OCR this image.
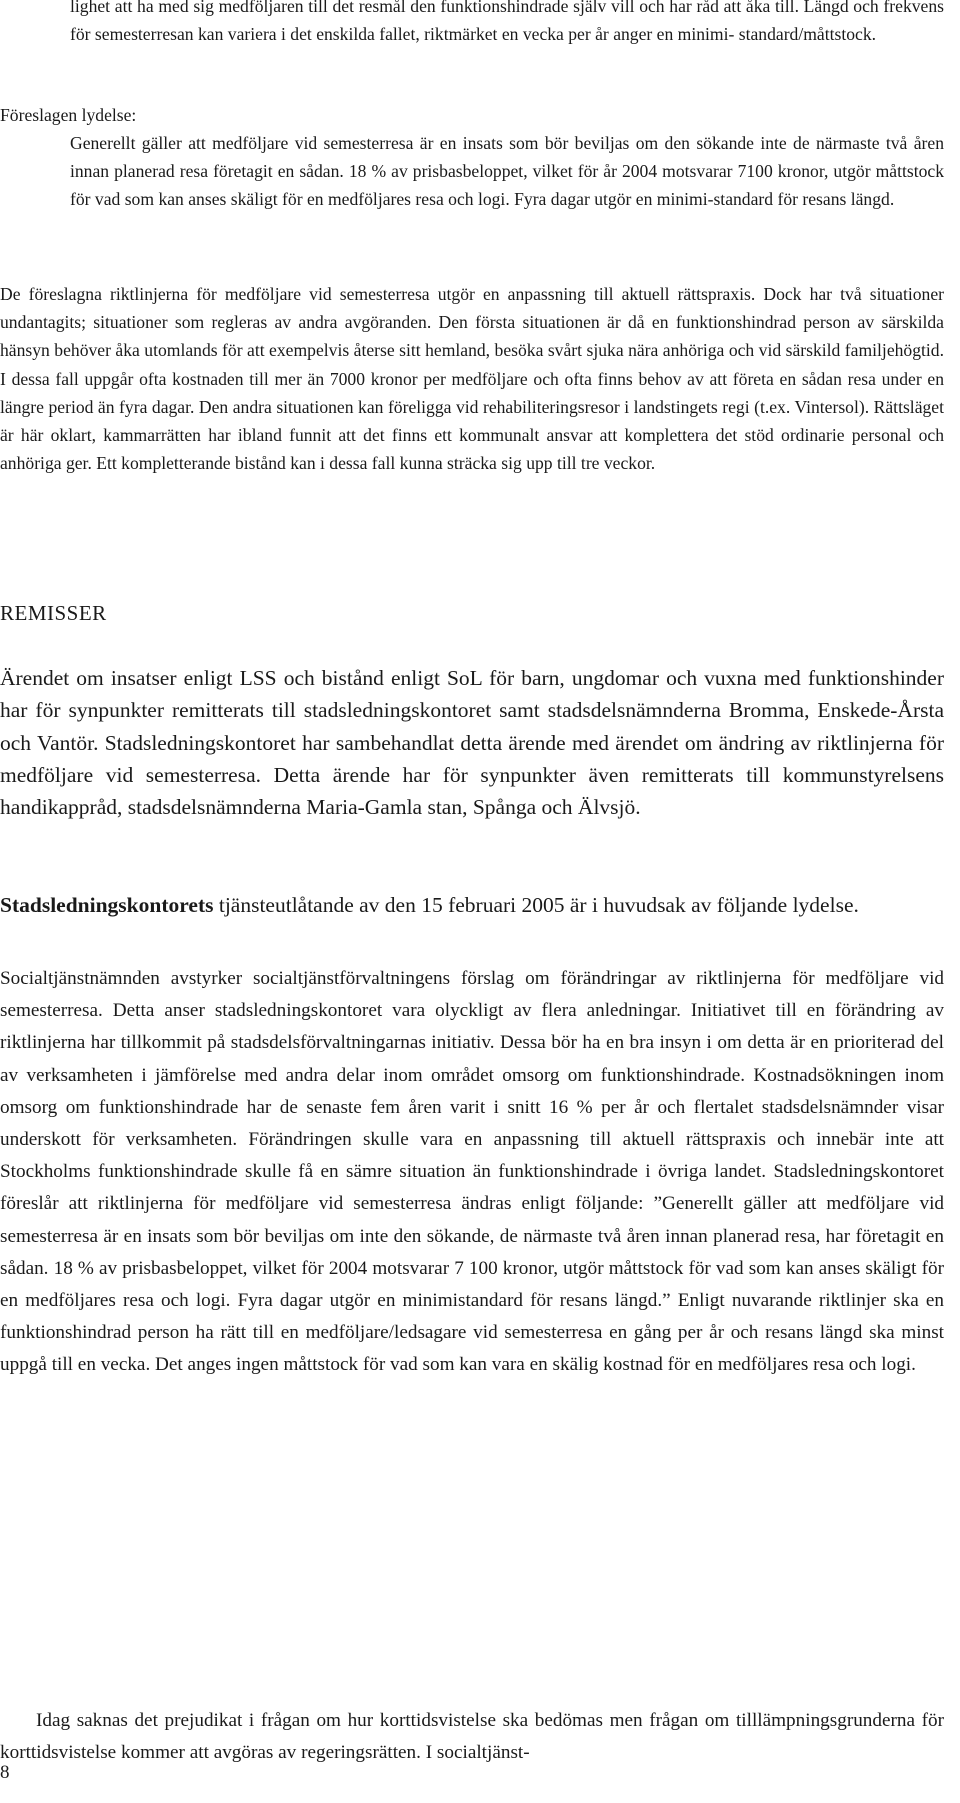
lighet att ha med sig medföljaren till det resmål den funktionshindrade själv vill och har råd att åka till. Längd och frekvens för semesterresan kan variera i det enskilda fallet, riktmärket en vecka per år anger en minimi- standard/måttstock.

Föreslagen lydelse:

Generellt gäller att medföljare vid semesterresa är en insats som bör beviljas om den sökande inte de närmaste två åren innan planerad resa företagit en sådan. 18 % av prisbasbeloppet, vilket för år 2004 motsvarar 7100 kronor, utgör måttstock för vad som kan anses skäligt för en medföljares resa och logi. Fyra dagar utgör en minimi-standard för resans längd.

De föreslagna riktlinjerna för medföljare vid semesterresa utgör en anpassning till aktuell rättspraxis. Dock har två situationer undantagits; situationer som regleras av andra avgöranden. Den första situationen är då en funktionshindrad person av särskilda hänsyn behöver åka utomlands för att exempelvis återse sitt hemland, besöka svårt sjuka nära anhöriga och vid särskild familjehögtid. I dessa fall uppgår ofta kostnaden till mer än 7000 kronor per medföljare och ofta finns behov av att företa en sådan resa under en längre period än fyra dagar. Den andra situationen kan föreligga vid rehabiliteringsresor i landstingets regi (t.ex. Vintersol). Rättsläget är här oklart, kammarrätten har ibland funnit att det finns ett kommunalt ansvar att komplettera det stöd ordinarie personal och anhöriga ger. Ett kompletterande bistånd kan i dessa fall kunna sträcka sig upp till tre veckor.

REMISSER

Ärendet om insatser enligt LSS och bistånd enligt SoL för barn, ungdomar och vuxna med funktionshinder har för synpunkter remitterats till stadsledningskontoret samt stadsdelsnämnderna Bromma, Enskede-Årsta och Vantör. Stadsledningskontoret har sambehandlat detta ärende med ärendet om ändring av riktlinjerna för medföljare vid semesterresa. Detta ärende har för synpunkter även remitterats till kommunstyrelsens handikappråd, stadsdelsnämnderna Maria-Gamla stan, Spånga och Älvsjö.

Stadsledningskontorets tjänsteutlåtande av den 15 februari 2005 är i huvudsak av följande lydelse.

Socialtjänstnämnden avstyrker socialtjänstförvaltningens förslag om förändringar av riktlinjerna för medföljare vid semesterresa. Detta anser stadsledningskontoret vara olyckligt av flera anledningar. Initiativet till en förändring av riktlinjerna har tillkommit på stadsdelsförvaltningarnas initiativ. Dessa bör ha en bra insyn i om detta är en prioriterad del av verksamheten i jämförelse med andra delar inom området omsorg om funktionshindrade. Kostnadsökningen inom omsorg om funktionshindrade har de senaste fem åren varit i snitt 16 % per år och flertalet stadsdelsnämnder visar underskott för verksamheten. Förändringen skulle vara en anpassning till aktuell rättspraxis och innebär inte att Stockholms funktionshindrade skulle få en sämre situation än funktionshindrade i övriga landet. Stadsledningskontoret föreslår att riktlinjerna för medföljare vid semesterresa ändras enligt följande: ”Generellt gäller att medföljare vid semesterresa är en insats som bör beviljas om inte den sökande, de närmaste två åren innan planerad resa, har företagit en sådan. 18 % av prisbasbeloppet, vilket för 2004 motsvarar 7 100 kronor, utgör måttstock för vad som kan anses skäligt för en medföljares resa och logi. Fyra dagar utgör en minimistandard för resans längd.” Enligt nuvarande riktlinjer ska en funktionshindrad person ha rätt till en medföljare/ledsagare vid semesterresa en gång per år och resans längd ska minst uppgå till en vecka. Det anges ingen måttstock för vad som kan vara en skälig kostnad för en medföljares resa och logi.

Idag saknas det prejudikat i frågan om hur korttidsvistelse ska bedömas men frågan om tilllämpningsgrunderna för korttidsvistelse kommer att avgöras av regeringsrätten. I socialtjänst-

8
